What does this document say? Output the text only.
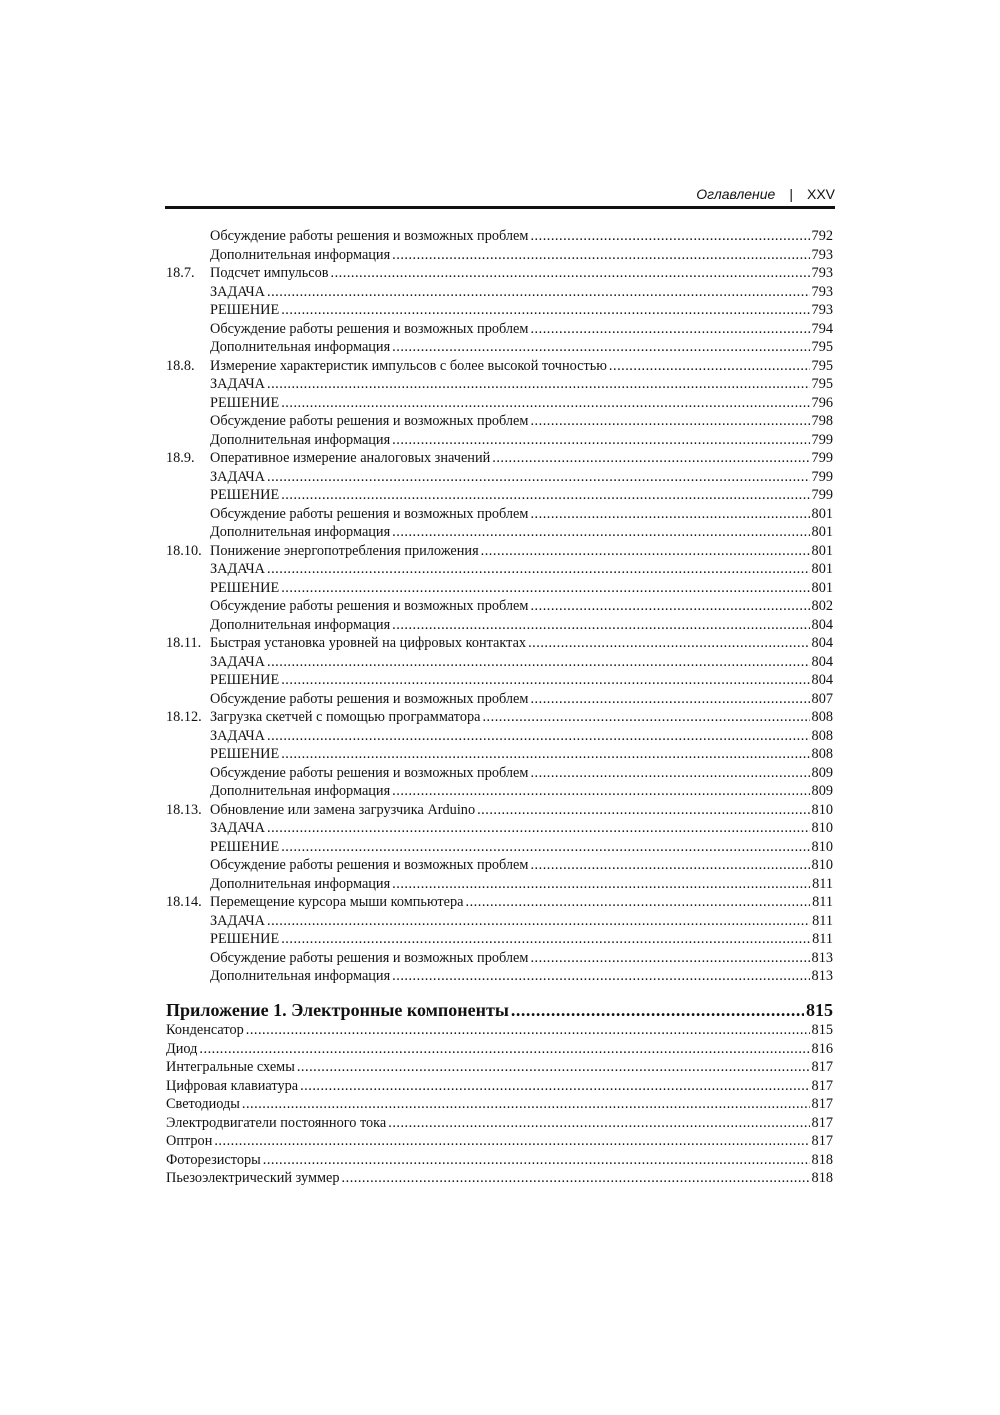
Оглавление | XXV
Обсуждение работы решения и возможных проблем .....	792
Дополнительная информация .....	793
18.7.	Подсчет импульсов .....	793
ЗАДАЧА .....	793
РЕШЕНИЕ .....	793
Обсуждение работы решения и возможных проблем .....	794
Дополнительная информация .....	795
18.8.	Измерение характеристик импульсов с более высокой точностью .....	795
ЗАДАЧА .....	795
РЕШЕНИЕ .....	796
Обсуждение работы решения и возможных проблем .....	798
Дополнительная информация .....	799
18.9.	Оперативное измерение аналоговых значений .....	799
ЗАДАЧА .....	799
РЕШЕНИЕ .....	799
Обсуждение работы решения и возможных проблем .....	801
Дополнительная информация .....	801
18.10. Понижение энергопотребления приложения .....	801
ЗАДАЧА .....	801
РЕШЕНИЕ .....	801
Обсуждение работы решения и возможных проблем .....	802
Дополнительная информация .....	804
18.11. Быстрая установка уровней на цифровых контактах .....	804
ЗАДАЧА .....	804
РЕШЕНИЕ .....	804
Обсуждение работы решения и возможных проблем .....	807
18.12. Загрузка скетчей с помощью программатора .....	808
ЗАДАЧА .....	808
РЕШЕНИЕ .....	808
Обсуждение работы решения и возможных проблем .....	809
Дополнительная информация .....	809
18.13. Обновление или замена загрузчика Arduino .....	810
ЗАДАЧА .....	810
РЕШЕНИЕ .....	810
Обсуждение работы решения и возможных проблем .....	810
Дополнительная информация .....	811
18.14. Перемещение курсора мыши компьютера .....	811
ЗАДАЧА .....	811
РЕШЕНИЕ .....	811
Обсуждение работы решения и возможных проблем .....	813
Дополнительная информация .....	813
Приложение 1. Электронные компоненты .....	815
Конденсатор .....	815
Диод .....	816
Интегральные схемы .....	817
Цифровая клавиатура .....	817
Светодиоды .....	817
Электродвигатели постоянного тока .....	817
Оптрон .....	817
Фоторезисторы .....	818
Пьезоэлектрический зуммер .....	818
